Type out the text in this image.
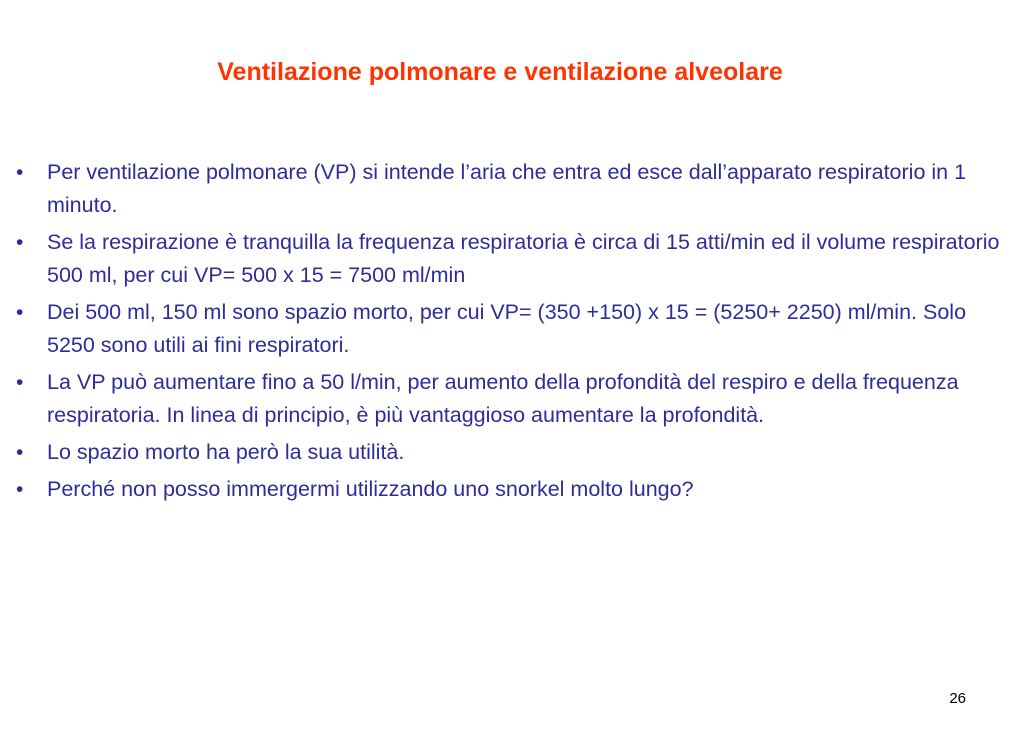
Ventilazione polmonare e ventilazione alveolare
•	Per ventilazione polmonare (VP) si intende l’aria che entra ed esce dall’apparato respiratorio in 1 minuto.
•	Se la respirazione è tranquilla la frequenza respiratoria è circa di 15 atti/min ed il volume respiratorio 500 ml, per cui VP= 500 x 15 = 7500 ml/min
•	Dei 500 ml, 150 ml sono spazio morto, per cui VP= (350 +150) x 15 = (5250+ 2250) ml/min. Solo 5250 sono utili ai fini respiratori.
•	La VP può aumentare fino a 50 l/min, per aumento della profondità del respiro e della frequenza respiratoria. In linea di principio, è più vantaggioso aumentare la profondità.
•	Lo spazio morto ha però la sua utilità.
•	Perché non posso immergermi utilizzando uno snorkel molto lungo?
26
